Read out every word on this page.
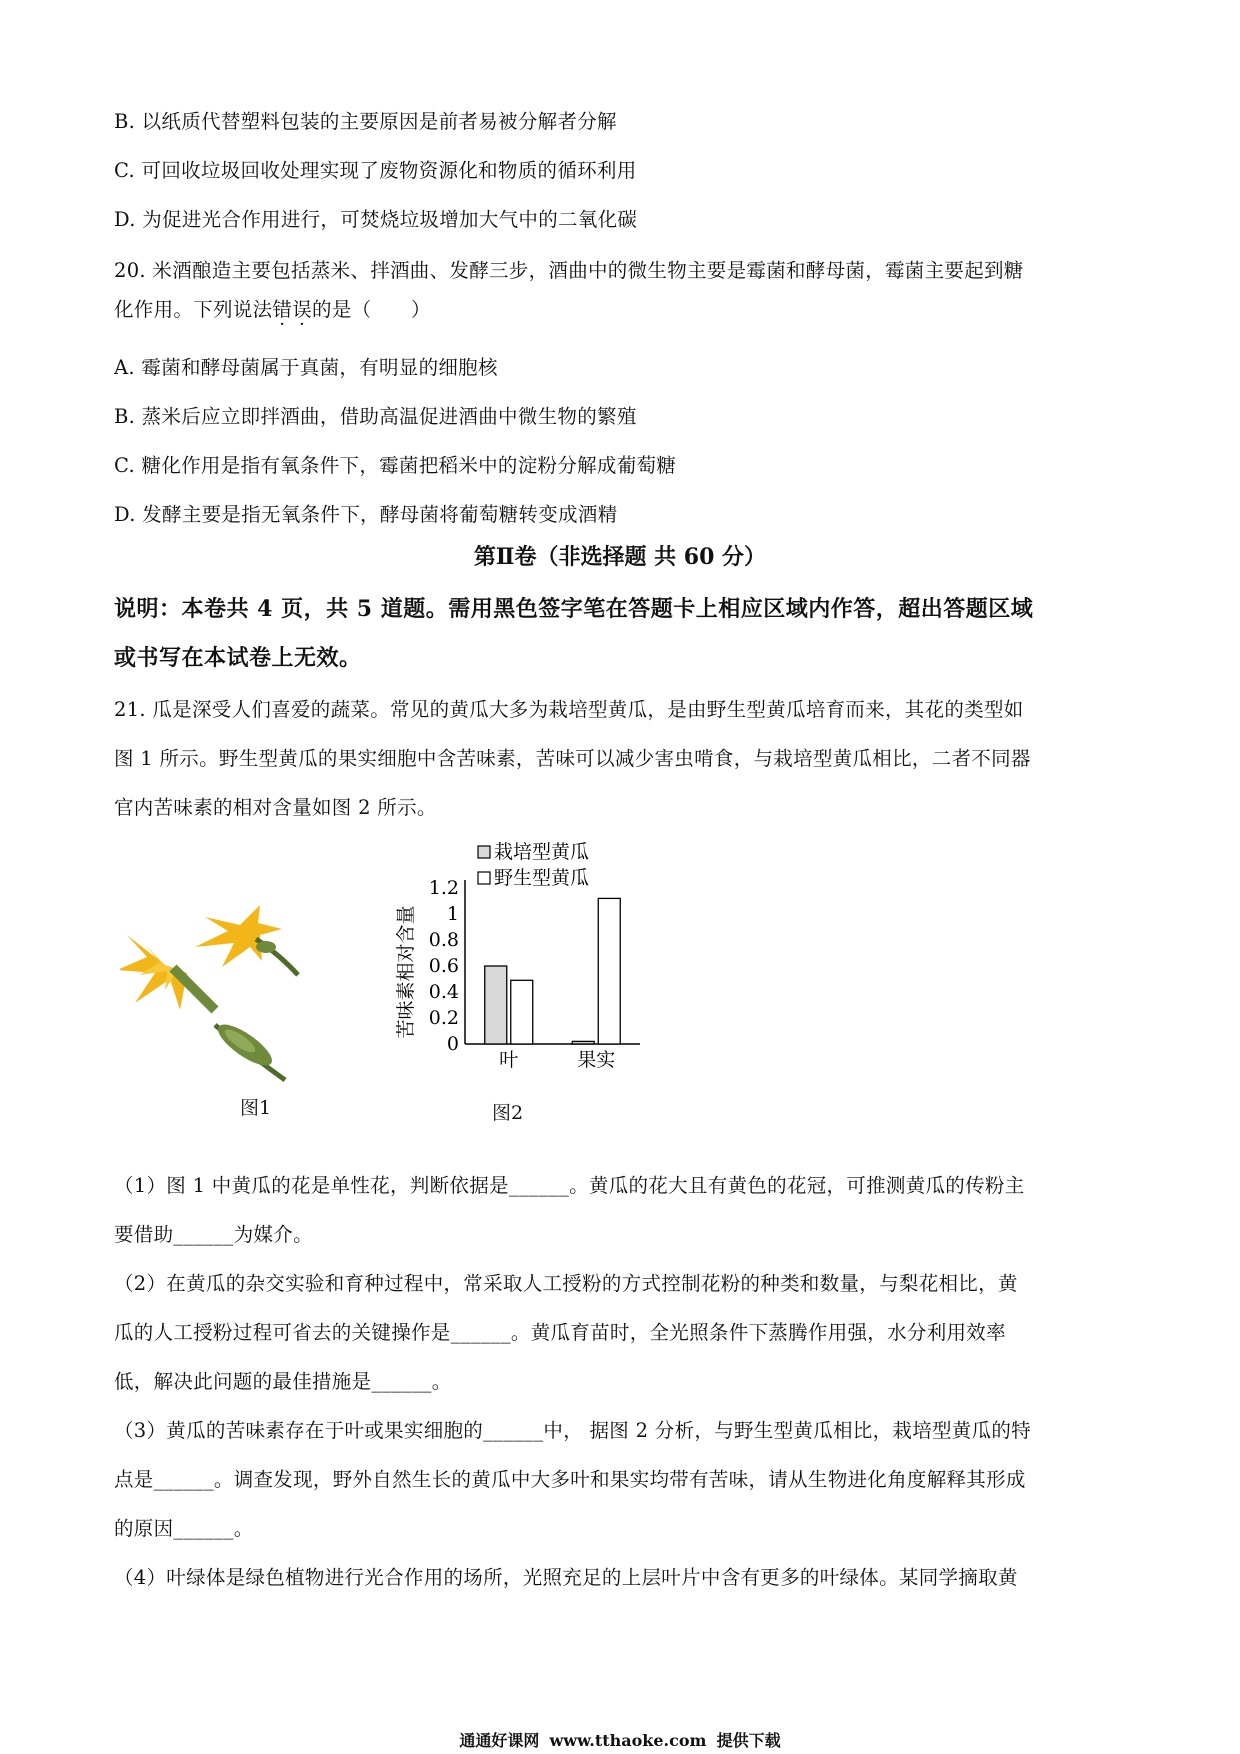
B. 以纸质代替塑料包装的主要原因是前者易被分解者分解
C. 可回收垃圾回收处理实现了废物资源化和物质的循环利用
D. 为促进光合作用进行，可焚烧垃圾增加大气中的二氧化碳
20. 米酒酿造主要包括蒸米、拌酒曲、发酵三步，酒曲中的微生物主要是霉菌和酵母菌，霉菌主要起到糖
化作用。下列说法错误的是（　　）
A. 霉菌和酵母菌属于真菌，有明显的细胞核
B. 蒸米后应立即拌酒曲，借助高温促进酒曲中微生物的繁殖
C. 糖化作用是指有氧条件下，霉菌把稻米中的淀粉分解成葡萄糖
D. 发酵主要是指无氧条件下，酵母菌将葡萄糖转变成酒精
第Ⅱ卷（非选择题 共 60 分）
说明：本卷共 4 页，共 5 道题。需用黑色签字笔在答题卡上相应区域内作答，超出答题区域
或书写在本试卷上无效。
21. 瓜是深受人们喜爱的蔬菜。常见的黄瓜大多为栽培型黄瓜，是由野生型黄瓜培育而来，其花的类型如
图 1 所示。野生型黄瓜的果实细胞中含苦味素，苦味可以减少害虫啃食，与栽培型黄瓜相比，二者不同器
官内苦味素的相对含量如图 2 所示。
图1
栽培型黄瓜
野生型黄瓜
苦味素相对含量
0
0.2
0.4
0.6
0.8
1
1.2
叶	果实
图2
（1）图 1 中黄瓜的花是单性花，判断依据是______。黄瓜的花大且有黄色的花冠，可推测黄瓜的传粉主
要借助______为媒介。
（2）在黄瓜的杂交实验和育种过程中，常采取人工授粉的方式控制花粉的种类和数量，与梨花相比，黄
瓜的人工授粉过程可省去的关键操作是______。黄瓜育苗时，全光照条件下蒸腾作用强，水分利用效率
低，解决此问题的最佳措施是______。
（3）黄瓜的苦味素存在于叶或果实细胞的______中， 据图 2 分析，与野生型黄瓜相比，栽培型黄瓜的特
点是______。调查发现，野外自然生长的黄瓜中大多叶和果实均带有苦味，请从生物进化角度解释其形成
的原因______。
（4）叶绿体是绿色植物进行光合作用的场所，光照充足的上层叶片中含有更多的叶绿体。某同学摘取黄
通通好课网 www.tthaoke.com 提供下载
